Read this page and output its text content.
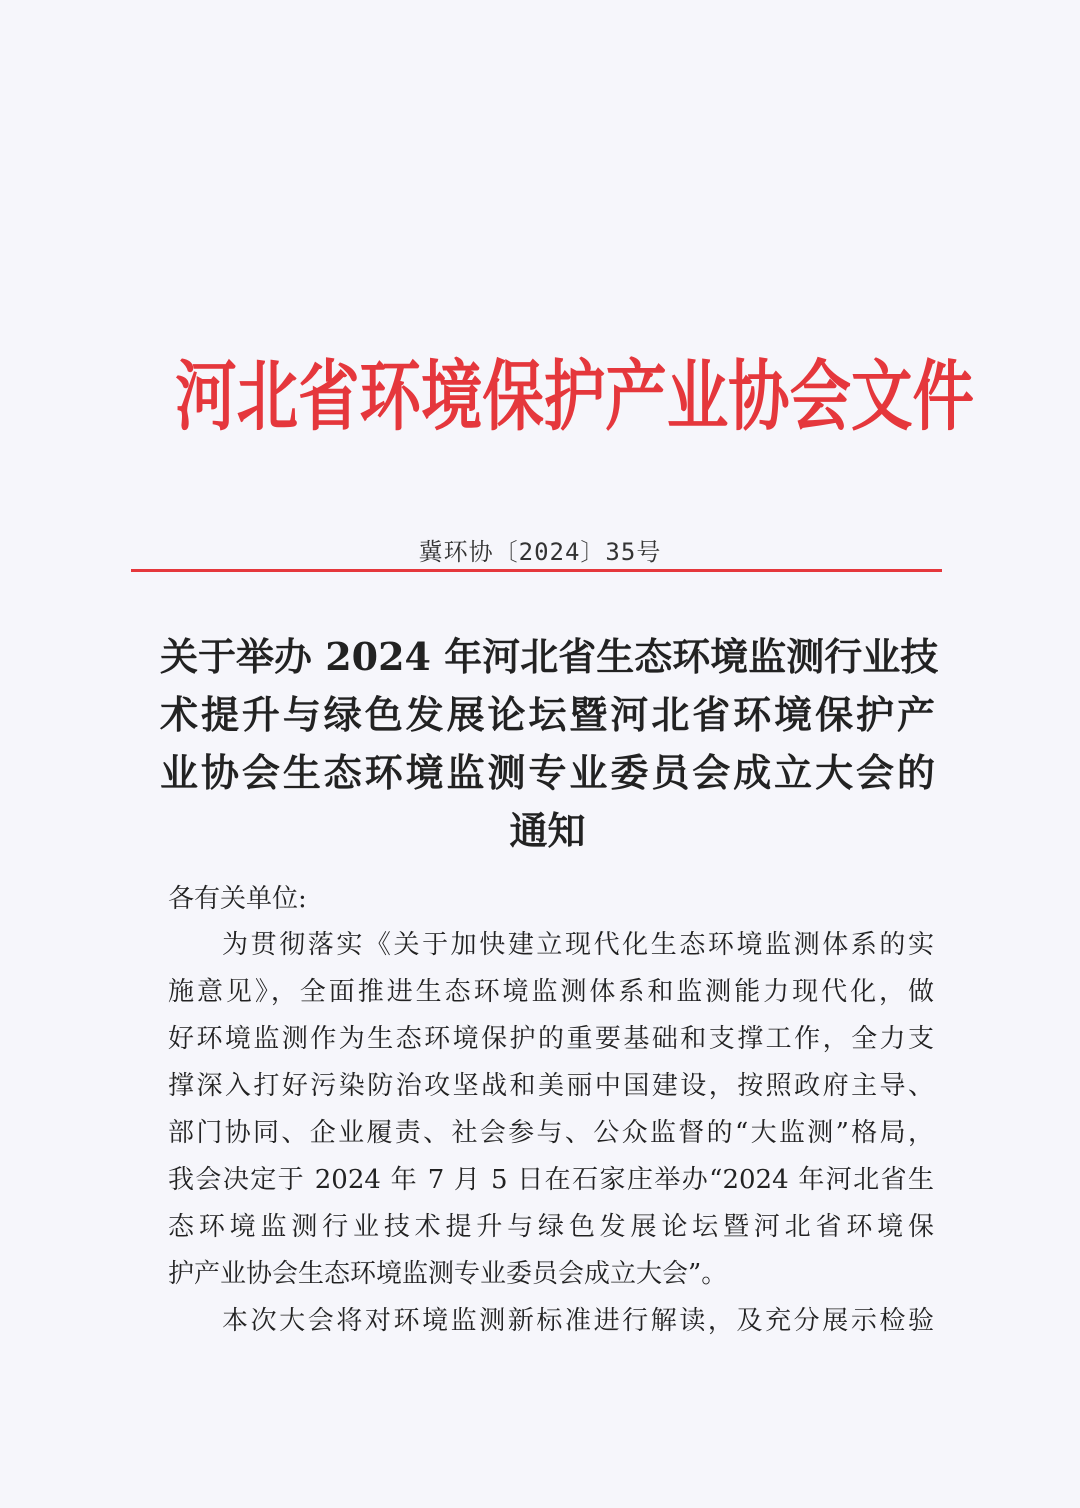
河北省环境保护产业协会文件
冀环协〔2024〕35号
关于举办 2024 年河北省生态环境监测行业技
术提升与绿色发展论坛暨河北省环境保护产
业协会生态环境监测专业委员会成立大会的
通知
各有关单位:
为贯彻落实《关于加快建立现代化生态环境监测体系的实
施意见》，全面推进生态环境监测体系和监测能力现代化，做
好环境监测作为生态环境保护的重要基础和支撑工作，全力支
撑深入打好污染防治攻坚战和美丽中国建设，按照政府主导、
部门协同、企业履责、社会参与、公众监督的“大监测”格局，
我会决定于 2024 年 7 月 5 日在石家庄举办“2024 年河北省生
态环境监测行业技术提升与绿色发展论坛暨河北省环境保
护产业协会生态环境监测专业委员会成立大会”。
本次大会将对环境监测新标准进行解读，及充分展示检验
